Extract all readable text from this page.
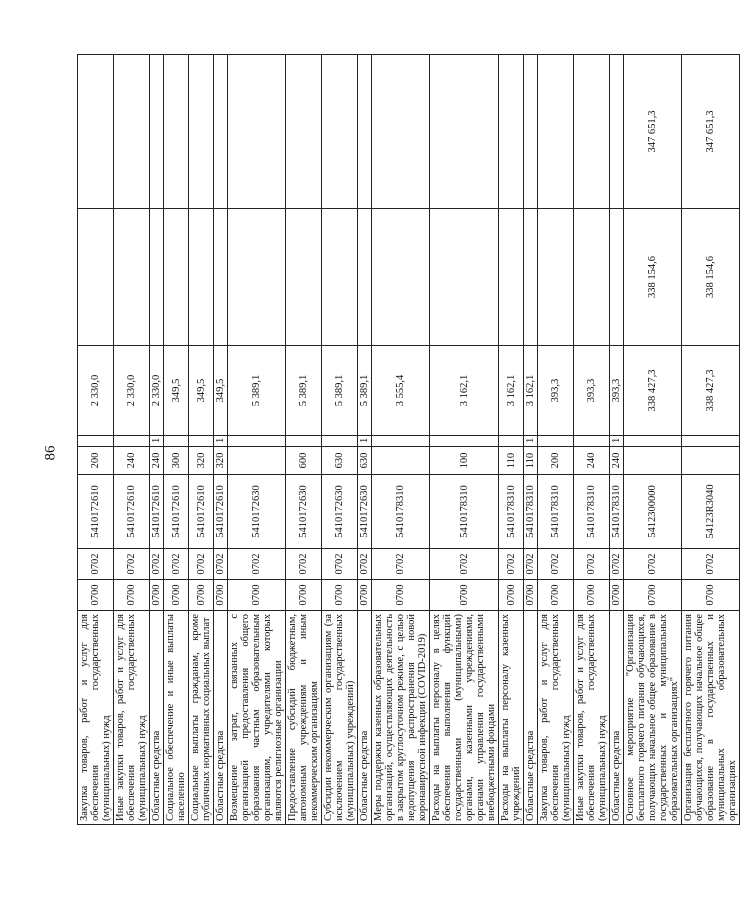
86
Закупка товаров, работ и услуг для обеспечения государственных (муниципальных) нужд	0700	0702	5410172610	200		2 330,0		
Иные закупки товаров, работ и услуг для обеспечения государственных (муниципальных) нужд	0700	0702	5410172610	240		2 330,0		
Областные средства	0700	0702	5410172610	240	1	2 330,0		
Социальное обеспечение и иные выплаты населению	0700	0702	5410172610	300		349,5		
Социальные выплаты гражданам, кроме публичных нормативных социальных выплат	0700	0702	5410172610	320		349,5		
Областные средства	0700	0702	5410172610	320	1	349,5		
Возмещение затрат, связанных с организацией предоставления общего образования частным образовательным организациям, учредителями которых являются религиозные организации	0700	0702	5410172630			5 389,1		
Предоставление субсидий бюджетным, автономным учреждениям и иным некоммерческим организациям	0700	0702	5410172630	600		5 389,1		
Субсидии некоммерческим организациям (за исключением государственных (муниципальных) учреждений)	0700	0702	5410172630	630		5 389,1		
Областные средства	0700	0702	5410172630	630	1	5 389,1		
Меры поддержки казенных образовательных организаций, осуществляющих деятельность в закрытом круглосуточном режиме, с целью недопущения распространения новой коронавирусной инфекции (COVID-2019)	0700	0702	5410178310			3 555,4		
Расходы на выплаты персоналу в целях обеспечения выполнения функций государственными (муниципальными) органами, казенными учреждениями, органами управления государственными внебюджетными фондами	0700	0702	5410178310	100		3 162,1		
Расходы на выплаты персоналу казенных учреждений	0700	0702	5410178310	110		3 162,1		
Областные средства	0700	0702	5410178310	110	1	3 162,1		
Закупка товаров, работ и услуг для обеспечения государственных (муниципальных) нужд	0700	0702	5410178310	200		393,3		
Иные закупки товаров, работ и услуг для обеспечения государственных (муниципальных) нужд	0700	0702	5410178310	240		393,3		
Областные средства	0700	0702	5410178310	240	1	393,3		
Основное мероприятие "Организация бесплатного горячего питания обучающихся, получающих начальное общее образование в государственных и муниципальных образовательных организациях"	0700	0702	5412300000			338 427,3	338 154,6	347 651,3
Организация бесплатного горячего питания обучающихся, получающих начальное общее образование в государственных и муниципальных образовательных организациях	0700	0702	54123R3040			338 427,3	338 154,6	347 651,3
